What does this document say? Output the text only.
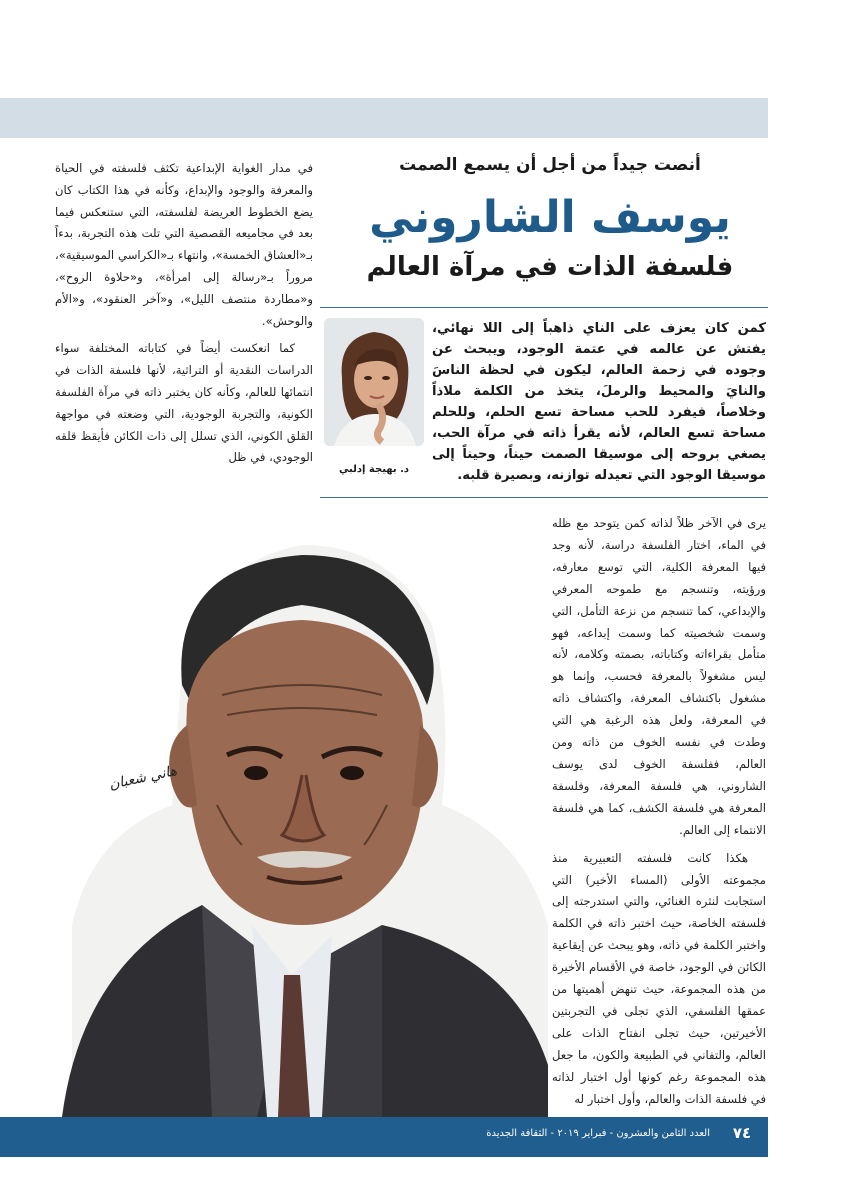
أنصت جيداً من أجل أن يسمع الصمت
يوسف الشاروني
فلسفة الذات في مرآة العالم
د. بهيجة إدلبي
كمن كان يعزف على الناي ذاهباً إلى اللا نهائي، يفتش عن عالمه في عتمة الوجود، ويبحث عن وجوده في زحمة العالم، ليكون في لحظة الناسَ والنايَ والمحيط والرملَ، يتخذ من الكلمة ملاذاً وخلاصاً، فيفرد للحب مساحة تسع الحلم، وللحلم مساحة تسع العالم، لأنه يقرأ ذاته في مرآة الحب، يصغي بروحه إلى موسيقا الصمت حيناً، وحيناً إلى موسيقا الوجود التي تعيدله توازنه، وبصيرة قلبه.

في مدار الغواية الإبداعية تكثف فلسفته في الحياة والمعرفة والوجود والإبداع، وكأنه في هذا الكتاب كان يضع الخطوط العريضة لفلسفته، التي ستنعكس فيما بعد في مجاميعه القصصية التي تلت هذه التجربة، بدءاً بـ«العشاق الخمسة»، وانتهاء بـ«الكراسي الموسيقية»، مروراً بـ«رسالة إلى امرأة»، و«حلاوة الروح»، و«مطاردة منتصف الليل»، و«آخر العنقود»، و«الأم والوحش».

كما انعكست أيضاً في كتاباته المختلفة سواء الدراسات النقدية أو التراثية، لأنها فلسفة الذات في انتمائها للعالم، وكأنه كان يختبر ذاته في مرآة الفلسفة الكونية، والتجربة الوجودية، التي وضعته في مواجهة القلق الكوني، الذي تسلل إلى ذات الكائن فأيقظ قلقه الوجودي، في ظل

هاني شعبان

يرى في الآخر ظلاً لذاته كمن يتوحد مع ظله في الماء، اختار الفلسفة دراسة، لأنه وجد فيها المعرفة الكلية، التي توسع معارفه، ورؤيته، وتنسجم مع طموحه المعرفي والإبداعي، كما تنسجم من نزعة التأمل، التي وسمت شخصيته كما وسمت إبداعه، فهو متأمل بقراءاته وكتاباته، بصمته وكلامه، لأنه ليس مشغولاً بالمعرفة فحسب، وإنما هو مشغول باكتشاف المعرفة، واكتشاف ذاته في المعرفة، ولعل هذه الرغبة هي التي وطدت في نفسه الخوف من ذاته ومن العالم، ففلسفة الخوف لدى يوسف الشاروني، هي فلسفة المعرفة، وفلسفة المعرفة هي فلسفة الكشف، كما هي فلسفة الانتماء إلى العالم.

هكذا كانت فلسفته التعبيرية منذ مجموعته الأولى (المساء الأخير) التي استجابت لنثره الغنائي، والتي استدرجته إلى فلسفته الخاصة، حيث اختبر ذاته في الكلمة واختبر الكلمة في ذاته، وهو يبحث عن إيقاعية الكائن في الوجود، خاصة في الأقسام الأخيرة من هذه المجموعة، حيث تنهض أهميتها من عمقها الفلسفي، الذي تجلى في التجربتين الأخيرتين، حيث تجلى انفتاح الذات على العالم، والتفاني في الطبيعة والكون، ما جعل هذه المجموعة رغم كونها أول اختبار لذاته في فلسفة الذات والعالم، وأول اختبار له

العدد الثامن والعشرون - فبراير ٢٠١٩ - الثقافة الجديدة	٧٤
